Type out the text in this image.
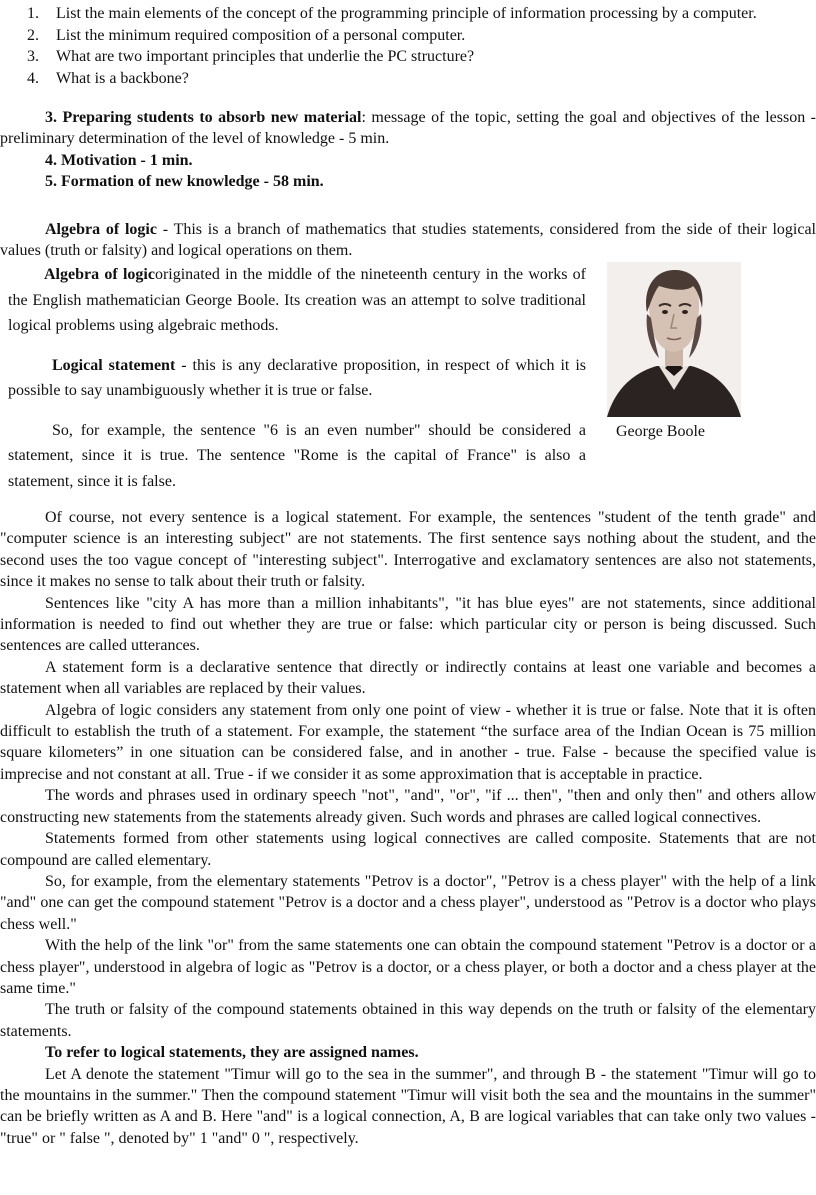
1. List the main elements of the concept of the programming principle of information processing by a computer.
2. List the minimum required composition of a personal computer.
3. What are two important principles that underlie the PC structure?
4. What is a backbone?

3. Preparing students to absorb new material: message of the topic, setting the goal and objectives of the lesson - preliminary determination of the level of knowledge - 5 min.

4. Motivation - 1 min.

5. Formation of new knowledge - 58 min.

Algebra of logic - This is a branch of mathematics that studies statements, considered from the side of their logical values (truth or falsity) and logical operations on them.

Algebra of logicoriginated in the middle of the nineteenth century in the works of the English mathematician George Boole. Its creation was an attempt to solve traditional logical problems using algebraic methods.

Logical statement - this is any declarative proposition, in respect of which it is possible to say unambiguously whether it is true or false.

So, for example, the sentence "6 is an even number" should be considered a statement, since it is true. The sentence "Rome is the capital of France" is also a statement, since it is false.

George Boole

Of course, not every sentence is a logical statement. For example, the sentences "student of the tenth grade" and "computer science is an interesting subject" are not statements. The first sentence says nothing about the student, and the second uses the too vague concept of "interesting subject". Interrogative and exclamatory sentences are also not statements, since it makes no sense to talk about their truth or falsity.

Sentences like "city A has more than a million inhabitants", "it has blue eyes" are not statements, since additional information is needed to find out whether they are true or false: which particular city or person is being discussed. Such sentences are called utterances.

A statement form is a declarative sentence that directly or indirectly contains at least one variable and becomes a statement when all variables are replaced by their values.

Algebra of logic considers any statement from only one point of view - whether it is true or false. Note that it is often difficult to establish the truth of a statement. For example, the statement “the surface area of the Indian Ocean is 75 million square kilometers” in one situation can be considered false, and in another - true. False - because the specified value is imprecise and not constant at all. True - if we consider it as some approximation that is acceptable in practice.

The words and phrases used in ordinary speech "not", "and", "or", "if ... then", "then and only then" and others allow constructing new statements from the statements already given. Such words and phrases are called logical connectives.

Statements formed from other statements using logical connectives are called composite. Statements that are not compound are called elementary.

So, for example, from the elementary statements "Petrov is a doctor", "Petrov is a chess player" with the help of a link "and" one can get the compound statement "Petrov is a doctor and a chess player", understood as "Petrov is a doctor who plays chess well."

With the help of the link "or" from the same statements one can obtain the compound statement "Petrov is a doctor or a chess player", understood in algebra of logic as "Petrov is a doctor, or a chess player, or both a doctor and a chess player at the same time."

The truth or falsity of the compound statements obtained in this way depends on the truth or falsity of the elementary statements.

To refer to logical statements, they are assigned names.

Let A denote the statement "Timur will go to the sea in the summer", and through B - the statement "Timur will go to the mountains in the summer." Then the compound statement "Timur will visit both the sea and the mountains in the summer" can be briefly written as A and B. Here "and" is a logical connection, A, B are logical variables that can take only two values - "true" or " false ", denoted by" 1 "and" 0 ", respectively.
